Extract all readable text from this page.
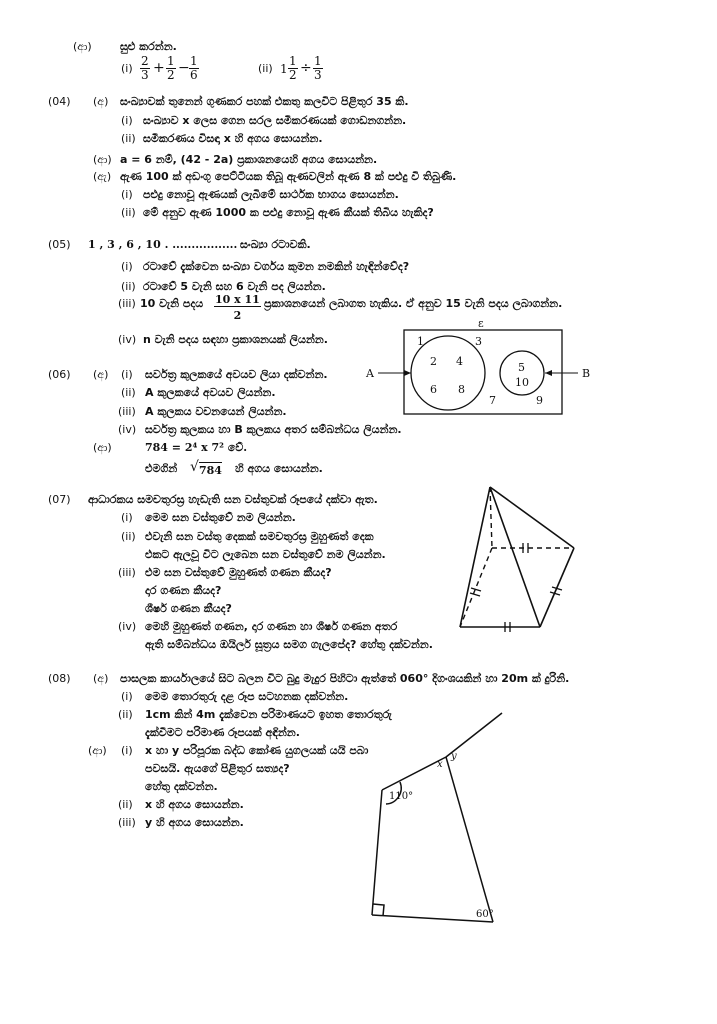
(ආ)	සුළු කරන්න.
$(i) \frac{2}{3} + \frac{1}{2} - \frac{1}{6}$	(ii) $1 \frac{1}{2} \div \frac{1}{3}$
(04) (අ) සංඛ්‍යාවක් තුනෙන් ගුණකර පහක් එකතු කලවිට පිළිතුර 35 කි.
(i) සංඛ්‍යාව x ලෙස ගෙන සරල සමීකරණයක් ගොඩනගන්න.
(ii) සමීකරණය විසඳා x හි අගය සොයන්න.
(ආ) a = 6 නම්, (42 - 2a) ප්‍රකාශනයෙහි අගය සොයන්න.
(ඇ) ඇණ 100 ක් අඩංගු පෙට්ටියක තිබූ ඇණවලින් ඇණ 8 ක් පළුදු වී තිබුණි.
(i) පළුදු නොවූ ඇණයක් ලැබීමේ සාර්ථක භාගය සොයන්න.
(ii) මේ අනුව ඇණ 1000 ක පළුදු නොවූ ඇණ කීයක් තිබිය හැකිද?
(05) 1 , 3 , 6 , 10 . ................. සංඛ්‍යා රටාවකි.
(i) රටාවේ දැක්වෙන සංඛ්‍යා වර්ගය කුමන නමකින් හැඳින්වේද?
(ii) රටාවේ 5 වැනි සහ 6 වැනි පද ලියන්න.
(iii) 10 වැනි පදය $\frac{10 x 11}{2}$ ප්‍රකාශනයෙන් ලබාගත හැකිය. ඒ අනුව 15 වැනි පදය ලබාගන්න.
(iv) n වැනි පදය සඳහා ප්‍රකාශනයක් ලියන්න.
ε
1	3
7	9
2 4
6 8
5
10
A	B
(06) (අ) (i) සර්වත්‍ර කුලකයේ අවයව ලියා දක්වන්න.
(ii) A කුලකයේ අවයව ලියන්න.
(iii) A කුලකය වචනයෙන් ලියන්න.
(iv) සර්වත්‍ර කුලකය හා B කුලකය අතර සම්බන්ධය ලියන්න.
(ආ)	784 = 2⁴ x 7² වේ.
එමගින් √ 784 හි අගය සොයන්න.
(07) ආධාරකය සමචතුරස්‍ර හැඩැති ඝන වස්තුවක් රූපයේ දක්වා ඇත.
(i) මෙම ඝන වස්තුවේ නම ලියන්න.
(ii) එවැනි ඝන වස්තු දෙකක් සමචතුරස්‍ර මුහුණත් දෙක
එකට ඇලවූ විට ලැබෙන ඝන වස්තුවේ නම ලියන්න.
(iii) එම ඝන වස්තුවේ මුහුණත් ගණන කීයද?
දාර ගණන කීයද?
ශීර්ෂ ගණන කීයද?
(iv) මෙහි මුහුණත් ගණන, දාර ගණන හා ශීර්ෂ ගණන අතර
ඇති සම්බන්ධය ඔයිලර් සූත්‍රය සමග ගැලපේද? හේතු දක්වන්න.
(08) (අ) පාසලක කාර්යාලයේ සිට බලන විට බුදු මැදුර පිහිටා ඇත්තේ 060° දිගංශයකින් හා 20m ක් දුරිනි.
(i) මෙම තොරතුරු දළ රූප සටහනක දක්වන්න.
(ii) 1cm කින් 4m දැක්වෙන පරිමාණයට ඉහත තොරතුරු
දැක්වීමට පරිමාණ රූපයක් අඳින්න.
(ආ) (i) x හා y පරිපූරක බද්ධ කෝණ යුගලයක් යයි පබා
පවසයි. ඇයගේ පිළිතුර සත්‍යද?
හේතු දක්වන්න.
(ii) x හි අගය සොයන්න.
(iii) y හි අගය සොයන්න.
x
y
110°
60°
